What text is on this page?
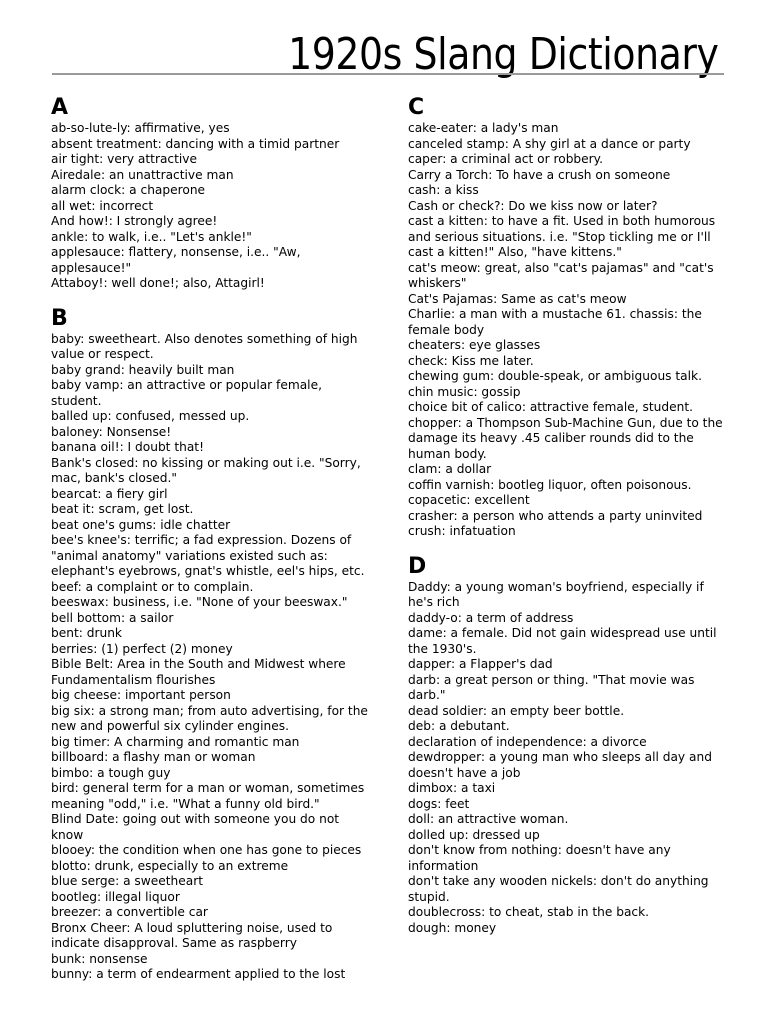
1920s Slang Dictionary
A
ab-so-lute-ly: affirmative, yes
absent treatment: dancing with a timid partner
air tight: very attractive
Airedale: an unattractive man
alarm clock: a chaperone
all wet: incorrect
And how!: I strongly agree!
ankle: to walk, i.e.. "Let's ankle!"
applesauce: flattery, nonsense, i.e.. "Aw, applesauce!"
Attaboy!: well done!; also, Attagirl!
B
baby: sweetheart. Also denotes something of high value or respect.
baby grand: heavily built man
baby vamp: an attractive or popular female, student.
balled up: confused, messed up.
baloney: Nonsense!
banana oil!: I doubt that!
Bank's closed: no kissing or making out i.e. "Sorry, mac, bank's closed."
bearcat: a fiery girl
beat it: scram, get lost.
beat one's gums: idle chatter
bee's knee's: terrific; a fad expression. Dozens of "animal anatomy" variations existed such as: elephant's eyebrows, gnat's whistle, eel's hips, etc.
beef: a complaint or to complain.
beeswax: business, i.e. "None of your beeswax."
bell bottom: a sailor
bent: drunk
berries: (1) perfect (2) money
Bible Belt: Area in the South and Midwest where Fundamentalism flourishes
big cheese: important person
big six: a strong man; from auto advertising, for the new and powerful six cylinder engines.
big timer: A charming and romantic man
billboard: a flashy man or woman
bimbo: a tough guy
bird: general term for a man or woman, sometimes meaning "odd," i.e. "What a funny old bird."
Blind Date: going out with someone you do not know
blooey: the condition when one has gone to pieces
blotto: drunk, especially to an extreme
blue serge: a sweetheart
bootleg: illegal liquor
breezer: a convertible car
Bronx Cheer: A loud spluttering noise, used to indicate disapproval. Same as raspberry
bunk: nonsense
bunny: a term of endearment applied to the lost
C
cake-eater: a lady's man
canceled stamp: A shy girl at a dance or party
caper: a criminal act or robbery.
Carry a Torch: To have a crush on someone
cash: a kiss
Cash or check?: Do we kiss now or later?
cast a kitten: to have a fit. Used in both humorous and serious situations. i.e. "Stop tickling me or I'll cast a kitten!" Also, "have kittens."
cat's meow: great, also "cat's pajamas" and "cat's whiskers"
Cat's Pajamas: Same as cat's meow
Charlie: a man with a mustache 61. chassis: the female body
cheaters: eye glasses
check: Kiss me later.
chewing gum: double-speak, or ambiguous talk.
chin music: gossip
choice bit of calico: attractive female, student.
chopper: a Thompson Sub-Machine Gun, due to the damage its heavy .45 caliber rounds did to the human body.
clam: a dollar
coffin varnish: bootleg liquor, often poisonous.
copacetic: excellent
crasher: a person who attends a party uninvited
crush: infatuation
D
Daddy: a young woman's boyfriend, especially if he's rich
daddy-o: a term of address
dame: a female. Did not gain widespread use until the 1930's.
dapper: a Flapper's dad
darb: a great person or thing. "That movie was darb."
dead soldier: an empty beer bottle.
deb: a debutant.
declaration of independence: a divorce
dewdropper: a young man who sleeps all day and doesn't have a job
dimbox: a taxi
dogs: feet
doll: an attractive woman.
dolled up: dressed up
don't know from nothing: doesn't have any information
don't take any wooden nickels: don't do anything stupid.
doublecross: to cheat, stab in the back.
dough: money
